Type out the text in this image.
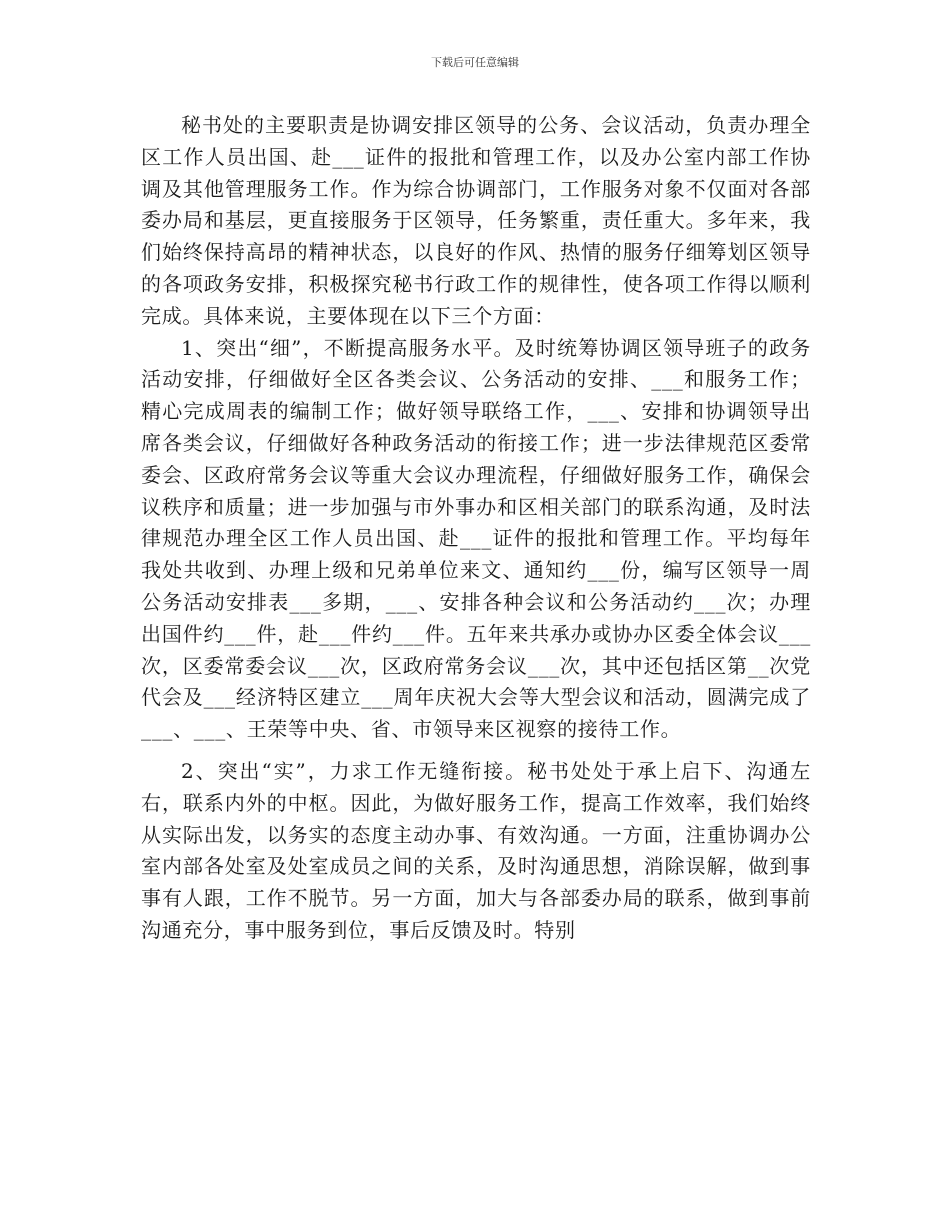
下载后可任意编辑

秘书处的主要职责是协调安排区领导的公务、会议活动，负责办理全区工作人员出国、赴___证件的报批和管理工作，以及办公室内部工作协调及其他管理服务工作。作为综合协调部门，工作服务对象不仅面对各部委办局和基层，更直接服务于区领导，任务繁重，责任重大。多年来，我们始终保持高昂的精神状态，以良好的作风、热情的服务仔细筹划区领导的各项政务安排，积极探究秘书行政工作的规律性，使各项工作得以顺利完成。具体来说，主要体现在以下三个方面：

1、突出“细”，不断提高服务水平。及时统筹协调区领导班子的政务活动安排，仔细做好全区各类会议、公务活动的安排、___和服务工作；精心完成周表的编制工作；做好领导联络工作，___、安排和协调领导出席各类会议，仔细做好各种政务活动的衔接工作；进一步法律规范区委常委会、区政府常务会议等重大会议办理流程，仔细做好服务工作，确保会议秩序和质量；进一步加强与市外事办和区相关部门的联系沟通，及时法律规范办理全区工作人员出国、赴___证件的报批和管理工作。平均每年我处共收到、办理上级和兄弟单位来文、通知约___份，编写区领导一周公务活动安排表___多期，___、安排各种会议和公务活动约___次；办理出国件约___件，赴___件约___件。五年来共承办或协办区委全体会议___次，区委常委会议___次，区政府常务会议___次，其中还包括区第__次党代会及___经济特区建立___周年庆祝大会等大型会议和活动，圆满完成了___、___、王荣等中央、省、市领导来区视察的接待工作。

2、突出“实”，力求工作无缝衔接。秘书处处于承上启下、沟通左右，联系内外的中枢。因此，为做好服务工作，提高工作效率，我们始终从实际出发，以务实的态度主动办事、有效沟通。一方面，注重协调办公室内部各处室及处室成员之间的关系，及时沟通思想，消除误解，做到事事有人跟，工作不脱节。另一方面，加大与各部委办局的联系，做到事前沟通充分，事中服务到位，事后反馈及时。特别
